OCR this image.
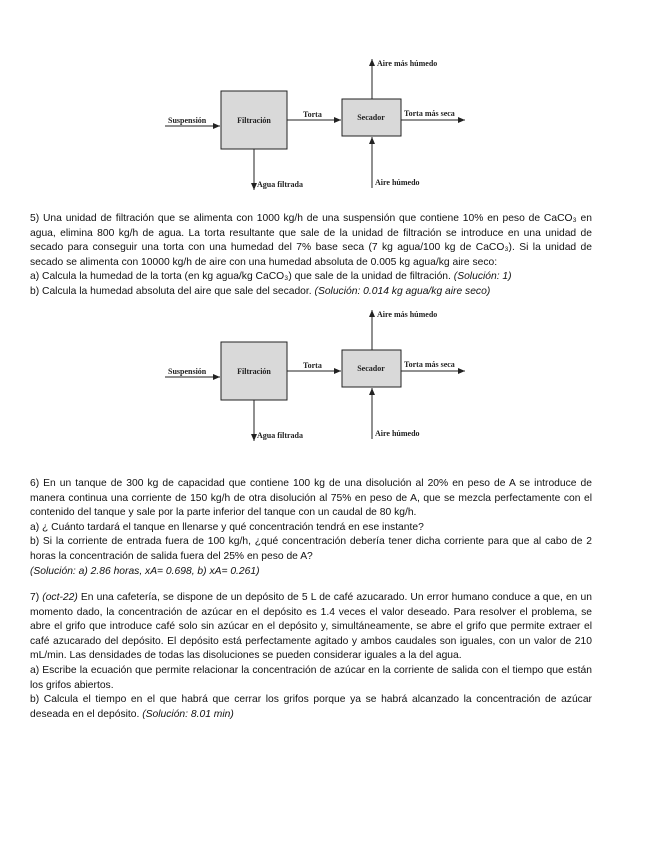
Suspensión	Filtración
Torta	Secador
Aire más húmedo
Torta más seca
Agua filtrada	Aire húmedo

5) Una unidad de filtración que se alimenta con 1000 kg/h de una suspensión que contiene 10% en peso de CaCO₃ en agua, elimina 800 kg/h de agua. La torta resultante que sale de la unidad de filtración se introduce en una unidad de secado para conseguir una torta con una humedad del 7% base seca (7 kg agua/100 kg de CaCO₃). Si la unidad de secado se alimenta con 10000 kg/h de aire con una humedad absoluta de 0.005 kg agua/kg aire seco:

a) Calcula la humedad de la torta (en kg agua/kg CaCO₃) que sale de la unidad de filtración. (Solución: 1)

b) Calcula la humedad absoluta del aire que sale del secador. (Solución: 0.014 kg agua/kg aire seco)

Suspensión	Filtración
Torta	Secador
Aire más húmedo
Torta más seca
Agua filtrada	Aire húmedo

6) En un tanque de 300 kg de capacidad que contiene 100 kg de una disolución al 20% en peso de A se introduce de manera continua una corriente de 150 kg/h de otra disolución al 75% en peso de A, que se mezcla perfectamente con el contenido del tanque y sale por la parte inferior del tanque con un caudal de 80 kg/h.

a) ¿ Cuánto tardará el tanque en llenarse y qué concentración tendrá en ese instante?

b) Si la corriente de entrada fuera de 100 kg/h, ¿qué concentración debería tener dicha corriente para que al cabo de 2 horas la concentración de salida fuera del 25% en peso de A?

(Solución: a) 2.86 horas, xA= 0.698, b) xA= 0.261)

7) (oct-22) En una cafetería, se dispone de un depósito de 5 L de café azucarado. Un error humano conduce a que, en un momento dado, la concentración de azúcar en el depósito es 1.4 veces el valor deseado. Para resolver el problema, se abre el grifo que introduce café solo sin azúcar en el depósito y, simultáneamente, se abre el grifo que permite extraer el café azucarado del depósito. El depósito está perfectamente agitado y ambos caudales son iguales, con un valor de 210 mL/min. Las densidades de todas las disoluciones se pueden considerar iguales a la del agua.

a) Escribe la ecuación que permite relacionar la concentración de azúcar en la corriente de salida con el tiempo que están los grifos abiertos.

b) Calcula el tiempo en el que habrá que cerrar los grifos porque ya se habrá alcanzado la concentración de azúcar deseada en el depósito. (Solución: 8.01 min)
